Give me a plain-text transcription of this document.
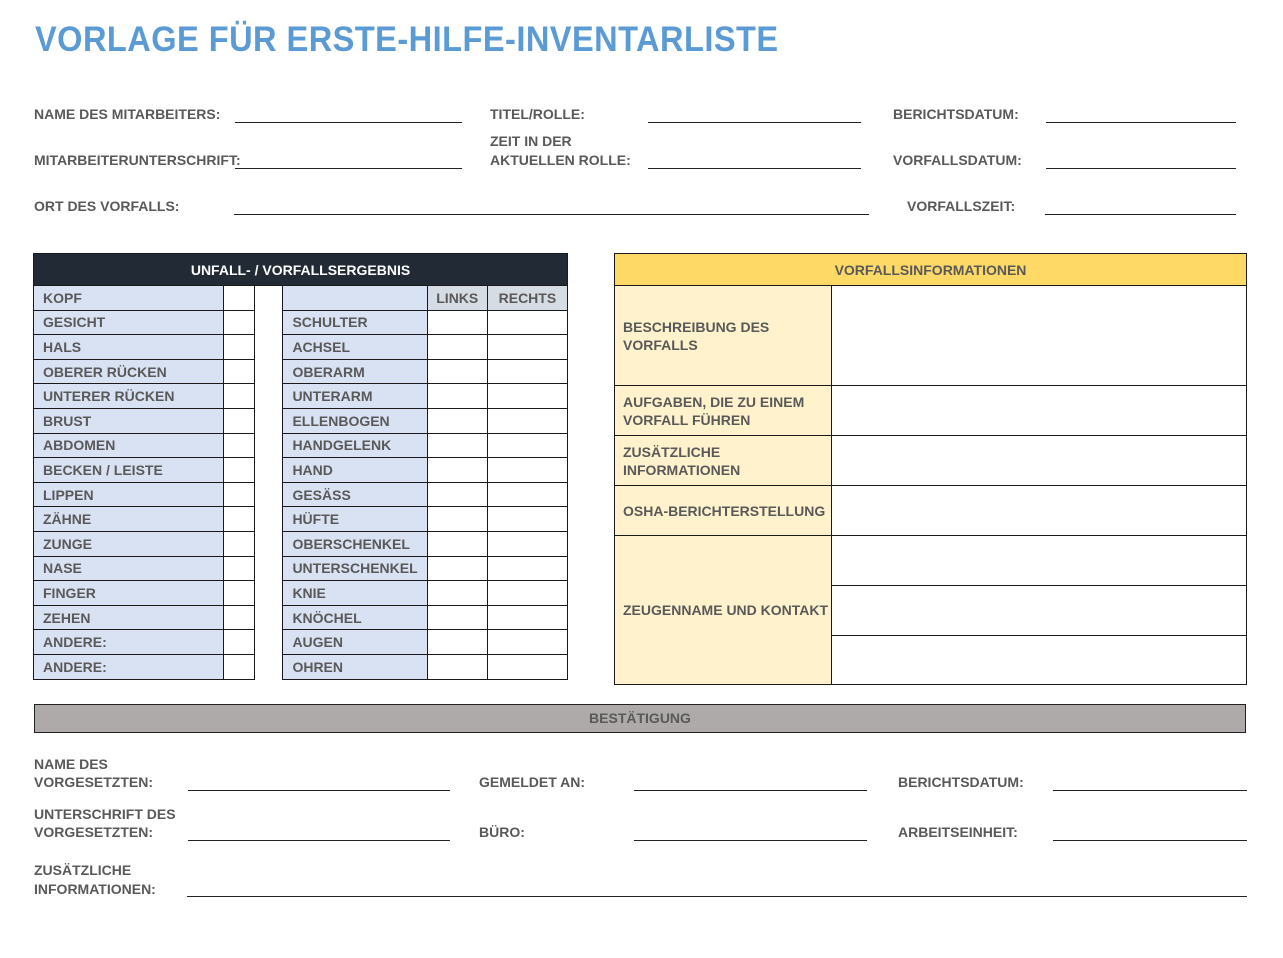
VORLAGE FÜR ERSTE-HILFE-INVENTARLISTE
NAME DES MITARBEITERS:	TITEL/ROLLE:	BERICHTSDATUM:
MITARBEITERUNTERSCHRIFT:
ZEIT IN DER
AKTUELLEN ROLLE:	VORFALLSDATUM:
ORT DES VORFALLS:	VORFALLSZEIT:
UNFALL- / VORFALLSERGEBNIS					
KOPF				LINKS	RECHTS
GESICHT			SCHULTER		
HALS			ACHSEL		
OBERER RÜCKEN			OBERARM		
UNTERER RÜCKEN			UNTERARM		
BRUST			ELLENBOGEN		
ABDOMEN			HANDGELENK		
BECKEN / LEISTE			HAND		
LIPPEN			GESÄSS		
ZÄHNE			HÜFTE		
ZUNGE			OBERSCHENKEL		
NASE			UNTERSCHENKEL		
FINGER			KNIE		
ZEHEN			KNÖCHEL		
ANDERE:			AUGEN		
ANDERE:			OHREN		
VORFALLSINFORMATIONEN	
BESCHREIBUNG DES VORFALLS	
AUFGABEN, DIE ZU EINEM VORFALL FÜHREN	
ZUSÄTZLICHE INFORMATIONEN	
OSHA-BERICHTERSTELLUNG	
ZEUGENNAME UND KONTAKT	

BESTÄTIGUNG
NAME DES
VORGESETZTEN:	GEMELDET AN:	BERICHTSDATUM:
UNTERSCHRIFT DES
VORGESETZTEN:	BÜRO:	ARBEITSEINHEIT:
ZUSÄTZLICHE
INFORMATIONEN:
